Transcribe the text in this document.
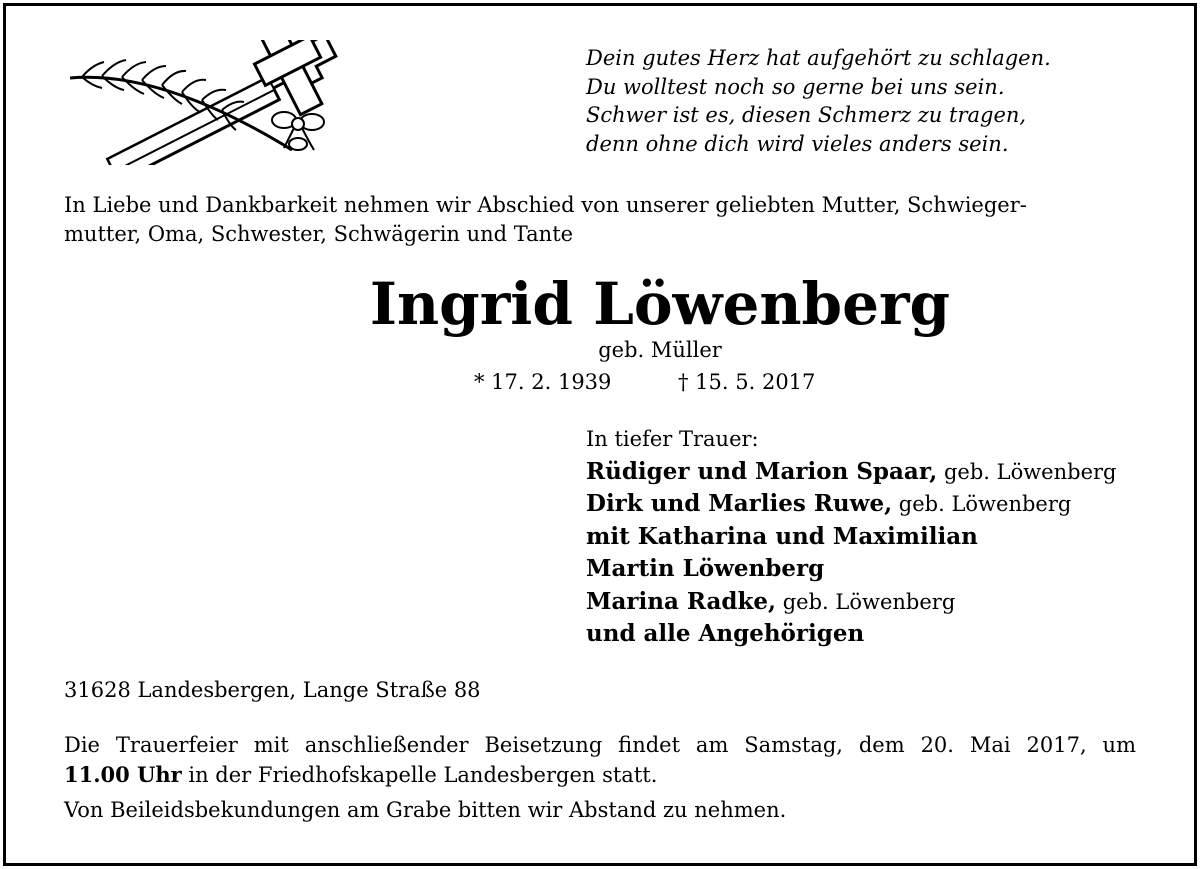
Dein gutes Herz hat aufgehört zu schlagen.
Du wolltest noch so gerne bei uns sein.
Schwer ist es, diesen Schmerz zu tragen,
denn ohne dich wird vieles anders sein.
In Liebe und Dankbarkeit nehmen wir Abschied von unserer geliebten Mutter, Schwieger-
mutter, Oma, Schwester, Schwägerin und Tante
Ingrid Löwenberg
geb. Müller
* 17. 2. 1939	† 15. 5. 2017
In tiefer Trauer:
Rüdiger und Marion Spaar, geb. Löwenberg
Dirk und Marlies Ruwe, geb. Löwenberg
mit Katharina und Maximilian
Martin Löwenberg
Marina Radke, geb. Löwenberg
und alle Angehörigen
31628 Landesbergen, Lange Straße 88
Die Trauerfeier mit anschließender Beisetzung findet am Samstag, dem 20. Mai 2017, um
11.00 Uhr in der Friedhofskapelle Landesbergen statt.
Von Beileidsbekundungen am Grabe bitten wir Abstand zu nehmen.
